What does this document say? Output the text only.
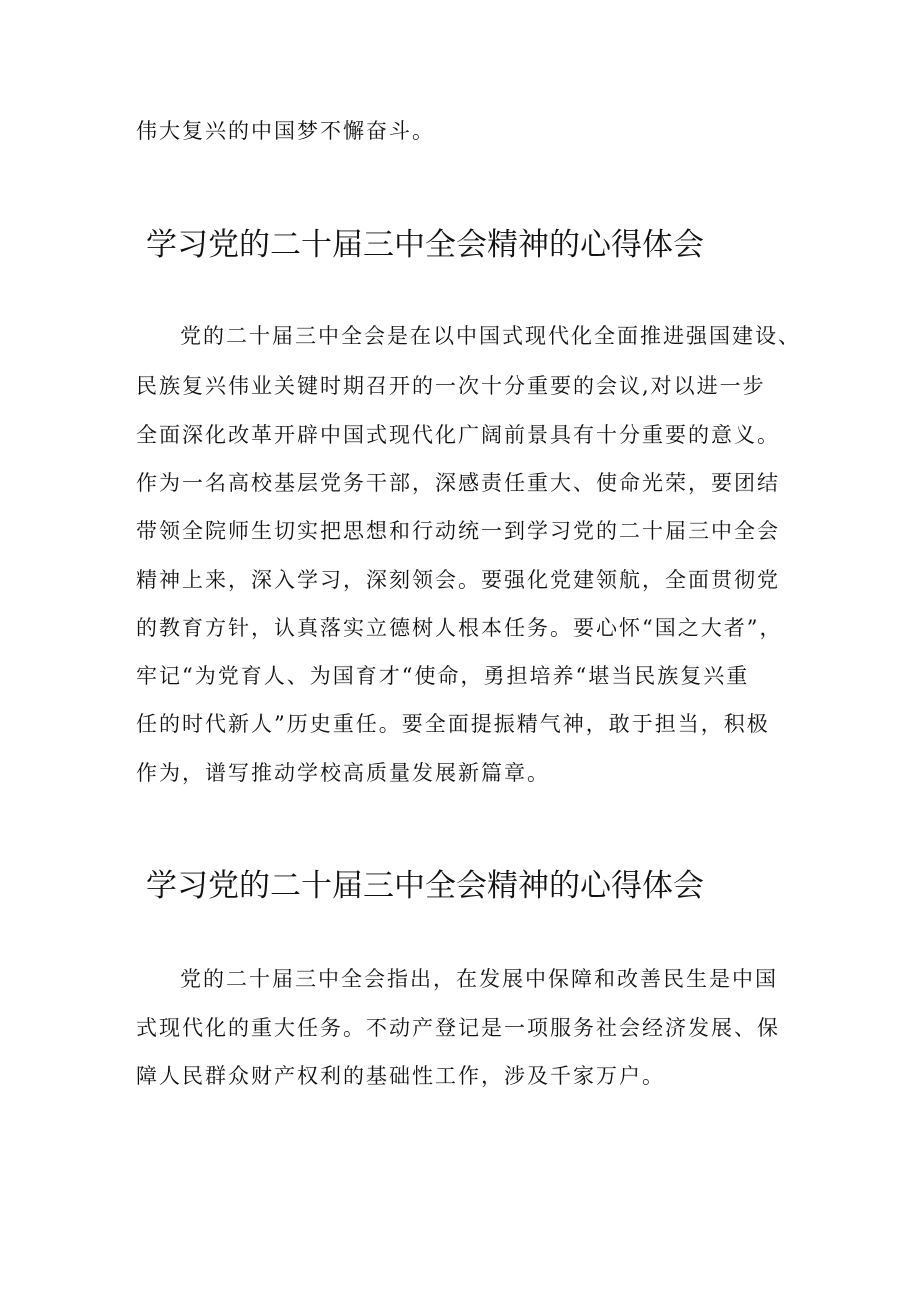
伟大复兴的中国梦不懈奋斗。
学习党的二十届三中全会精神的心得体会
党的二十届三中全会是在以中国式现代化全面推进强国建设、
民族复兴伟业关键时期召开的一次十分重要的会议,对以进一步
全面深化改革开辟中国式现代化广阔前景具有十分重要的意义。
作为一名高校基层党务干部，深感责任重大、使命光荣，要团结
带领全院师生切实把思想和行动统一到学习党的二十届三中全会
精神上来，深入学习，深刻领会。要强化党建领航，全面贯彻党
的教育方针，认真落实立德树人根本任务。要心怀“国之大者”，
牢记“为党育人、为国育才“使命，勇担培养“堪当民族复兴重
任的时代新人”历史重任。要全面提振精气神，敢于担当，积极
作为，谱写推动学校高质量发展新篇章。
学习党的二十届三中全会精神的心得体会
党的二十届三中全会指出，在发展中保障和改善民生是中国
式现代化的重大任务。不动产登记是一项服务社会经济发展、保
障人民群众财产权利的基础性工作，涉及千家万户。
